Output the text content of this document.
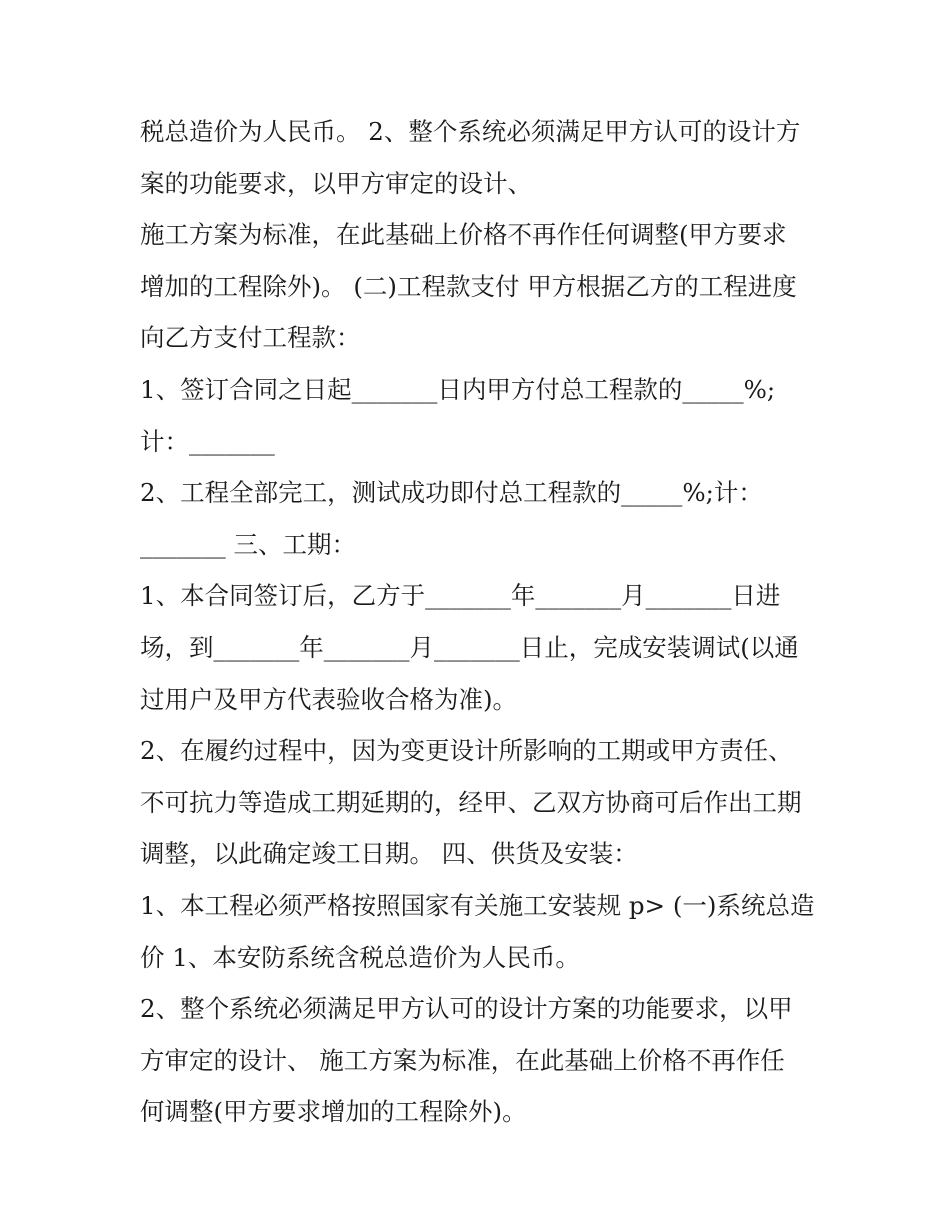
税总造价为人民币。 2、整个系统必须满足甲方认可的设计方

案的功能要求，以甲方审定的设计、

施工方案为标准，在此基础上价格不再作任何调整(甲方要求

增加的工程除外)。 (二)工程款支付 甲方根据乙方的工程进度

向乙方支付工程款：

1、签订合同之日起_______日内甲方付总工程款的_____%;

计：_______

2、工程全部完工，测试成功即付总工程款的_____%;计：

_______ 三、工期：

1、本合同签订后，乙方于_______年_______月_______日进

场，到_______年_______月_______日止，完成安装调试(以通

过用户及甲方代表验收合格为准)。

2、在履约过程中，因为变更设计所影响的工期或甲方责任、

不可抗力等造成工期延期的，经甲、乙双方协商可后作出工期

调整，以此确定竣工日期。 四、供货及安装：

1、本工程必须严格按照国家有关施工安装规 p> (一)系统总造

价 1、本安防系统含税总造价为人民币。

2、整个系统必须满足甲方认可的设计方案的功能要求，以甲

方审定的设计、 施工方案为标准，在此基础上价格不再作任

何调整(甲方要求增加的工程除外)。
